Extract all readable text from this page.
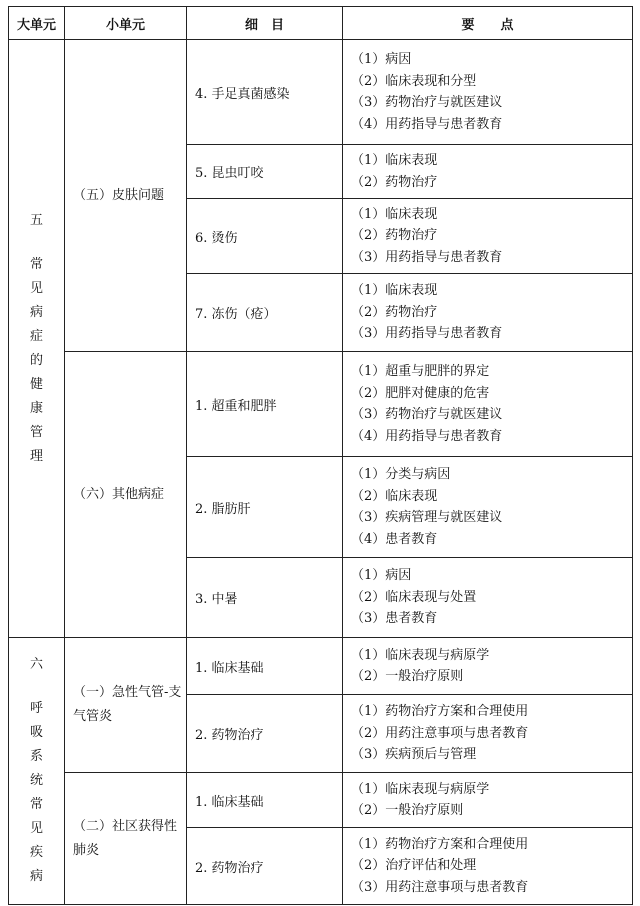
大单元	小单元	细　目	要　　点

五
常见病症的健康管理	（五）皮肤问题	4. 手足真菌感染	（1）病因
（2）临床表现和分型
（3）药物治疗与就医建议
（4）用药指导与患者教育

		5. 昆虫叮咬	（1）临床表现
（2）药物治疗

		6. 烫伤	（1）临床表现
（2）药物治疗
（3）用药指导与患者教育

		7. 冻伤（疮）	（1）临床表现
（2）药物治疗
（3）用药指导与患者教育

	（六）其他病症	1. 超重和肥胖	（1）超重与肥胖的界定
（2）肥胖对健康的危害
（3）药物治疗与就医建议
（4）用药指导与患者教育

		2. 脂肪肝	（1）分类与病因
（2）临床表现
（3）疾病管理与就医建议
（4）患者教育

		3. 中暑	（1）病因
（2）临床表现与处置
（3）患者教育

六
呼吸系统常见疾病	（一）急性气管-支气管炎	1. 临床基础	（1）临床表现与病原学
（2）一般治疗原则

		2. 药物治疗	（1）药物治疗方案和合理使用
（2）用药注意事项与患者教育
（3）疾病预后与管理

	（二）社区获得性肺炎	1. 临床基础	（1）临床表现与病原学
（2）一般治疗原则

		2. 药物治疗	（1）药物治疗方案和合理使用
（2）治疗评估和处理
（3）用药注意事项与患者教育
